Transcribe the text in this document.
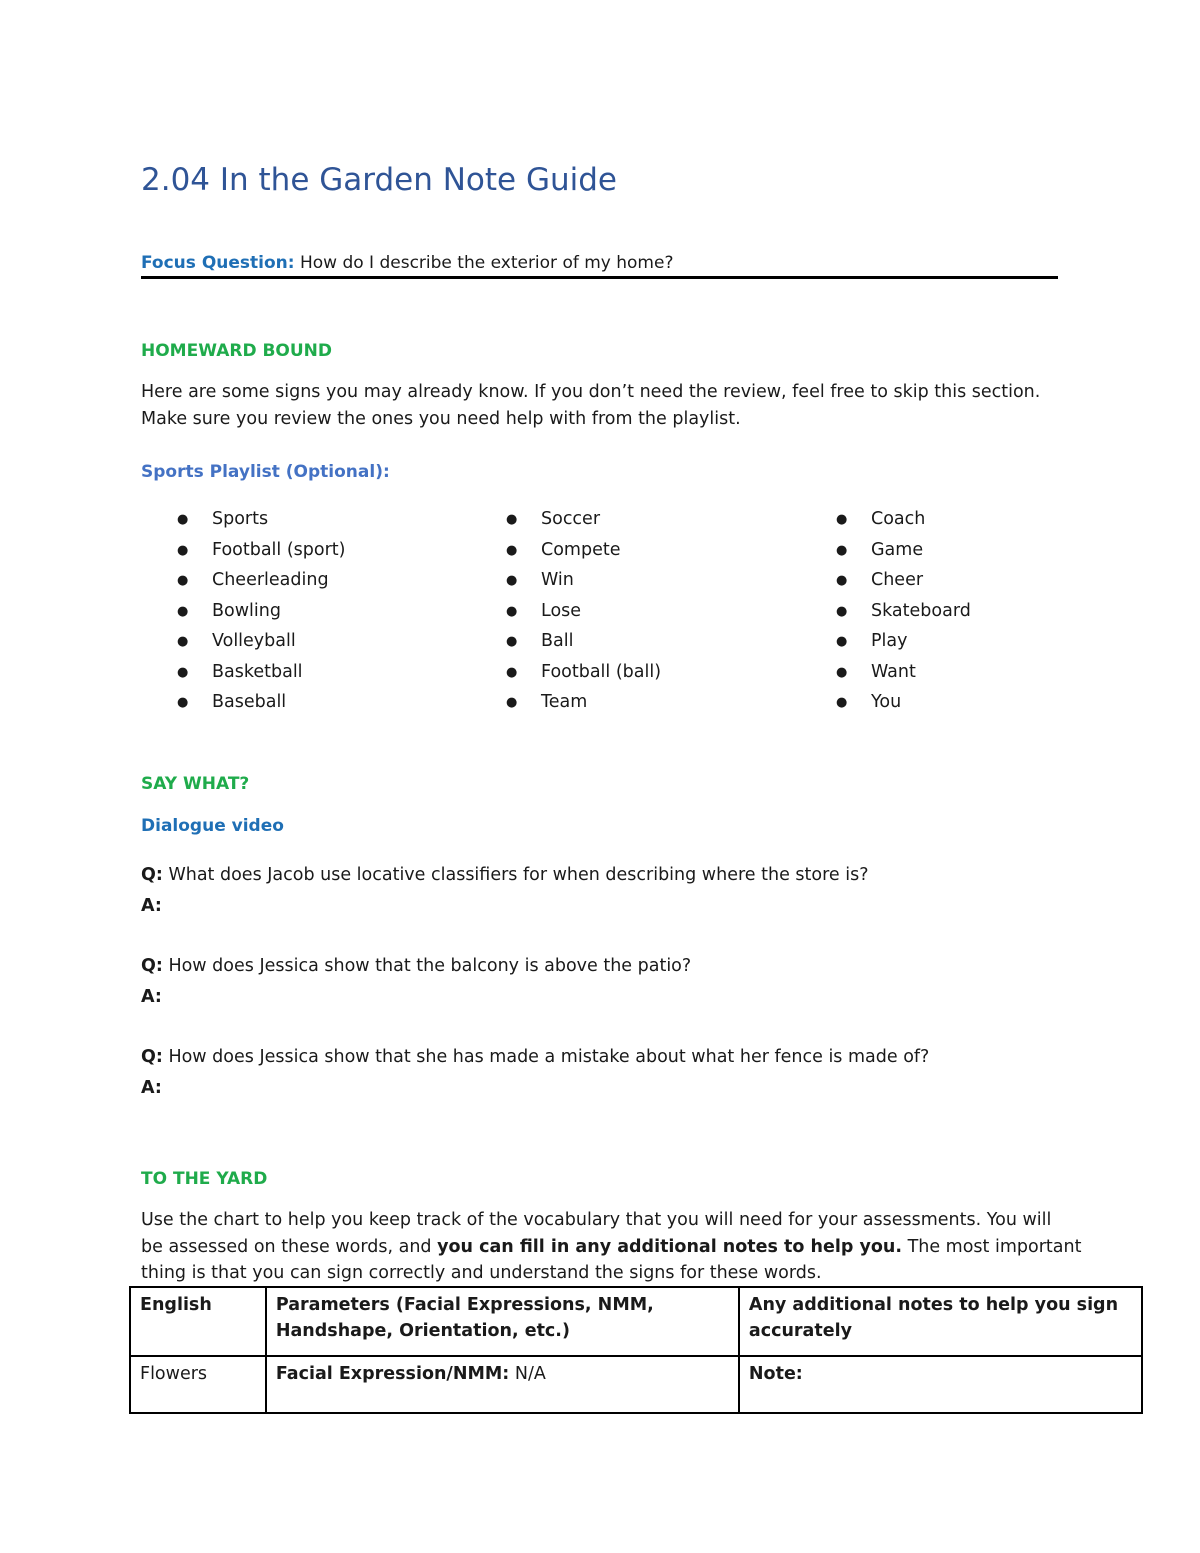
2.04 In the Garden Note Guide
Focus Question: How do I describe the exterior of my home?
HOMEWARD BOUND
Here are some signs you may already know. If you don’t need the review, feel free to skip this section.
Make sure you review the ones you need help with from the playlist.
Sports Playlist (Optional):
● Sports
● Football (sport)
● Cheerleading
● Bowling
● Volleyball
● Basketball
● Baseball
● Soccer
● Compete
● Win
● Lose
● Ball
● Football (ball)
● Team
● Coach
● Game
● Cheer
● Skateboard
● Play
● Want
● You
SAY WHAT?
Dialogue video
Q: What does Jacob use locative classifiers for when describing where the store is?
A:
Q: How does Jessica show that the balcony is above the patio?
A:
Q: How does Jessica show that she has made a mistake about what her fence is made of?
A:
TO THE YARD
Use the chart to help you keep track of the vocabulary that you will need for your assessments. You will
be assessed on these words, and you can fill in any additional notes to help you. The most important
thing is that you can sign correctly and understand the signs for these words.
English	Parameters (Facial Expressions, NMM, Handshape, Orientation, etc.)	Any additional notes to help you sign accurately
Flowers	Facial Expression/NMM: N/A	Note:
